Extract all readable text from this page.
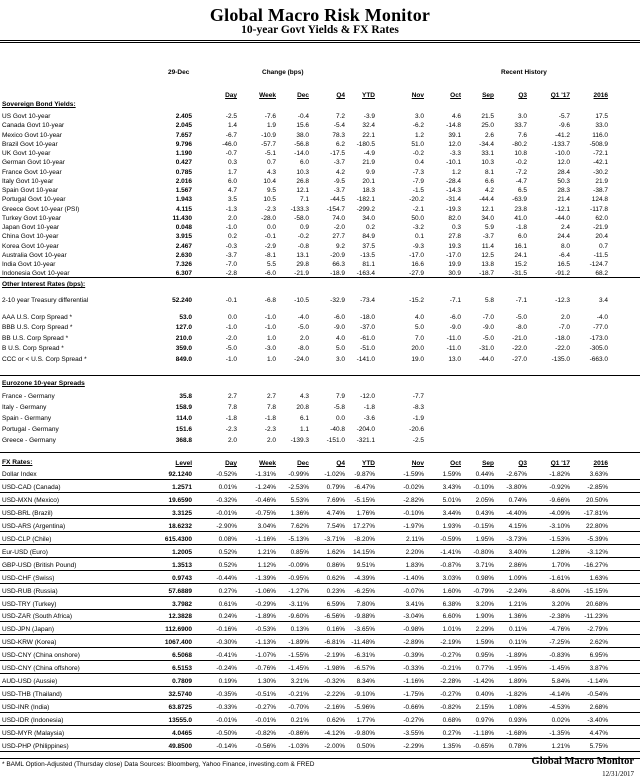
Global Macro Risk Monitor
10-year Govt Yields & FX Rates
29-Dec	Change (bps)	Recent History
Day	Week	Dec	Q4	YTD	Nov	Oct	Sep	Q3	Q1 '17	2016
Sovereign Bond Yields:
US Govt 10-year	2.405	-2.5	-7.6	-0.4	7.2	-3.9	3.0	4.6	21.5	3.0	-5.7	17.5
Canada Govt 10-year	2.045	1.4	1.9	15.6	-5.4	32.4	-6.2	-14.8	25.0	33.7	-9.6	33.0
Mexico Govt 10-year	7.657	-6.7	-10.9	38.0	78.3	22.1	1.2	39.1	2.6	7.6	-41.2	116.0
Brazil Govt 10-year	9.796	-46.0	-57.7	-56.8	6.2	-180.5	51.0	12.0	-34.4	-80.2	-133.7	-508.9
UK Govt 10-year	1.190	-0.7	-5.1	-14.0	-17.5	-4.9	-0.2	-3.3	33.1	10.8	-10.0	-72.1
German Govt 10-year	0.427	0.3	0.7	6.0	-3.7	21.9	0.4	-10.1	10.3	-0.2	12.0	-42.1
France Govt 10-year	0.785	1.7	4.3	10.3	4.2	9.9	-7.3	1.2	8.1	-7.2	28.4	-30.2
Italy Govt 10-year	2.016	6.0	10.4	26.8	-9.5	20.1	-7.9	-28.4	6.6	-4.7	50.3	21.9
Spain Govt 10-year	1.567	4.7	9.5	12.1	-3.7	18.3	-1.5	-14.3	4.2	6.5	28.3	-38.7
Portugal Govt 10-year	1.943	3.5	10.5	7.1	-44.5	-182.1	-20.2	-31.4	-44.4	-63.9	21.4	124.8
Greece Govt 10-year (PSI)	4.115	-1.3	-2.3	-133.3	-154.7	-299.2	-2.1	-19.3	12.1	23.8	-12.1	-117.8
Turkey Govt 10-year	11.430	2.0	-28.0	-58.0	74.0	34.0	50.0	82.0	34.0	41.0	-44.0	62.0
Japan Govt 10-year	0.048	-1.0	0.0	0.9	-2.0	0.2	-3.2	0.3	5.9	-1.8	2.4	-21.9
China Govt 10-year	3.915	0.2	-0.1	-0.2	27.7	84.9	0.1	27.8	-3.7	6.0	24.4	20.4
Korea Govt 10-year	2.467	-0.3	-2.9	-0.8	9.2	37.5	-9.3	19.3	11.4	16.1	8.0	0.7
Australia Govt 10-year	2.630	-3.7	-8.1	13.1	-20.9	-13.5	-17.0	-17.0	12.5	24.1	-6.4	-11.5
India Govt 10-year	7.326	-7.0	5.5	29.8	66.3	81.1	16.6	19.9	13.8	15.2	16.5	-124.7
Indonesia Govt 10-year	6.307	-2.8	-6.0	-21.9	-18.9	-163.4	-27.9	30.9	-18.7	-31.5	-91.2	68.2
Other Interest Rates (bps):
2-10 year Treasury differential	52.240	-0.1	-6.8	-10.5	-32.9	-73.4	-15.2	-7.1	5.8	-7.1	-12.3	3.4
AAA U.S. Corp Spread *	53.0	0.0	-1.0	-4.0	-6.0	-18.0	4.0	-6.0	-7.0	-5.0	2.0	-4.0
BBB U.S. Corp Spread *	127.0	-1.0	-1.0	-5.0	-9.0	-37.0	5.0	-9.0	-9.0	-8.0	-7.0	-77.0
BB U.S. Corp Spread *	210.0	-2.0	1.0	2.0	4.0	-61.0	7.0	-11.0	-5.0	-21.0	-18.0	-173.0
B U.S. Corp Spread *	359.0	-5.0	-3.0	-8.0	5.0	-51.0	20.0	-11.0	-31.0	-22.0	-22.0	-305.0
CCC or < U.S. Corp Spread *	849.0	-1.0	1.0	-24.0	3.0	-141.0	19.0	13.0	-44.0	-27.0	-135.0	-663.0
Eurozone 10-year Spreads
France - Germany	35.8	2.7	2.7	4.3	7.9	-12.0	-7.7
Italy - Germany	158.9	7.8	7.8	20.8	-5.8	-1.8	-8.3
Spain - Germany	114.0	-1.8	-1.8	6.1	0.0	-3.6	-1.9
Portugal - Germany	151.6	-2.3	-2.3	1.1	-40.8	-204.0	-20.6
Greece - Germany	368.8	2.0	2.0	-139.3	-151.0	-321.1	-2.5
FX Rates:	Level	Day	Week	Dec	Q4	YTD	Nov	Oct	Sep	Q3	Q1 '17	2016
Dollar Index	92.1240	-0.52%	-1.31%	-0.99%	-1.02%	-9.87%	-1.59%	1.59%	0.44%	-2.67%	-1.82%	3.63%
USD-CAD (Canada)	1.2571	0.01%	-1.24%	-2.53%	0.79%	-6.47%	-0.02%	3.43%	-0.10%	-3.80%	-0.92%	-2.85%
USD-MXN (Mexico)	19.6590	-0.32%	-0.46%	5.53%	7.69%	-5.15%	-2.82%	5.01%	2.05%	0.74%	-9.66%	20.50%
USD-BRL (Brazil)	3.3125	-0.01%	-0.75%	1.36%	4.74%	1.76%	-0.10%	3.44%	0.43%	-4.40%	-4.09%	-17.81%
USD-ARS (Argentina)	18.6232	-2.90%	3.04%	7.62%	7.54%	17.27%	-1.97%	1.93%	-0.15%	4.15%	-3.10%	22.80%
USD-CLP (Chile)	615.4300	0.08%	-1.16%	-5.13%	-3.71%	-8.20%	2.11%	-0.59%	1.95%	-3.73%	-1.53%	-5.39%
Eur-USD (Euro)	1.2005	0.52%	1.21%	0.85%	1.62%	14.15%	2.20%	-1.41%	-0.80%	3.40%	1.28%	-3.12%
GBP-USD (British Pound)	1.3513	0.52%	1.12%	-0.09%	0.86%	9.51%	1.83%	-0.87%	3.71%	2.86%	1.70%	-16.27%
USD-CHF (Swiss)	0.9743	-0.44%	-1.39%	-0.95%	0.62%	-4.39%	-1.40%	3.03%	0.98%	1.09%	-1.61%	1.63%
USD-RUB (Russia)	57.6889	0.27%	-1.06%	-1.27%	0.23%	-6.25%	-0.07%	1.60%	-0.79%	-2.24%	-8.60%	-15.15%
USD-TRY (Turkey)	3.7982	0.61%	-0.29%	-3.11%	6.59%	7.80%	3.41%	6.38%	3.20%	1.21%	3.20%	20.68%
USD-ZAR (South Africa)	12.3828	0.24%	-1.89%	-9.60%	-6.56%	-9.88%	-3.04%	6.60%	1.90%	1.36%	-2.38%	-11.23%
USD-JPN (Japan)	112.6900	-0.16%	-0.53%	0.13%	0.16%	-3.65%	-0.98%	1.01%	2.29%	0.11%	-4.76%	-2.79%
USD-KRW (Korea)	1067.400	-0.30%	-1.13%	-1.89%	-6.81% -11.48%	-2.89%	-2.19%	1.59%	0.11%	-7.25%	2.62%
USD-CNY (China onshore)	6.5068	-0.41%	-1.07%	-1.55%	-2.19%	-6.31%	-0.39%	-0.27%	0.95%	-1.89%	-0.83%	6.95%
USD-CNY (China offshore)	6.5153	-0.24%	-0.76%	-1.45%	-1.98%	-6.57%	-0.33%	-0.21%	0.77%	-1.95%	-1.45%	3.87%
AUD-USD (Aussie)	0.7809	0.19%	1.30%	3.21%	-0.32%	8.34%	-1.16%	-2.28%	-1.42%	1.89%	5.84%	-1.14%
USD-THB (Thailand)	32.5740	-0.35%	-0.51%	-0.21%	-2.22%	-9.10%	-1.75%	-0.27%	0.40%	-1.82%	-4.14%	-0.54%
USD-INR (India)	63.8725	-0.33%	-0.27%	-0.70%	-2.16%	-5.96%	-0.66%	-0.82%	2.15%	1.08%	-4.53%	2.68%
USD-IDR (Indonesia)	13555.0	-0.01%	-0.01%	0.21%	0.62%	1.77%	-0.27%	0.68%	0.97%	0.93%	0.02%	-3.40%
USD-MYR (Malaysia)	4.0465	-0.50%	-0.82%	-0.86%	-4.12%	-9.80%	-3.55%	0.27%	-1.18%	-1.68%	-1.35%	4.47%
USD-PHP (Philippines)	49.8500	-0.14%	-0.56%	-1.03%	-2.00%	0.50%	-2.29%	1.35%	-0.65%	0.78%	1.21%	5.75%
* BAML Option-Adjusted (Thursday close) Data Sources: Bloomberg, Yahoo Finance, investing.com & FRED	Global Macro Monitor
12/31/2017
